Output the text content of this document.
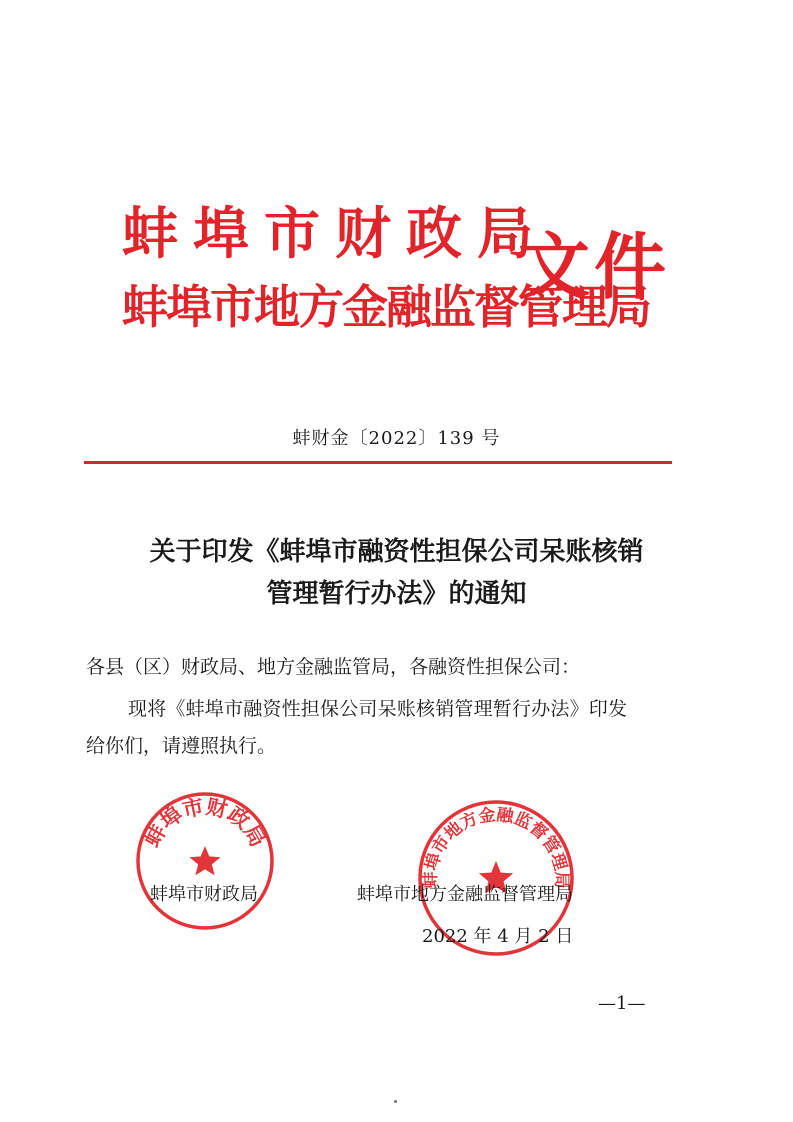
蚌埠市财政局
蚌埠市地方金融监督管理局
文件
蚌财金〔2022〕139 号
关于印发《蚌埠市融资性担保公司呆账核销
管理暂行办法》的通知
各县（区）财政局、地方金融监管局，各融资性担保公司：
现将《蚌埠市融资性担保公司呆账核销管理暂行办法》印发
给你们，请遵照执行。
蚌埠市财政局
蚌埠市地方金融监督管理局
蚌埠市财政局	蚌埠市地方金融监督管理局
2022 年 4 月 2 日
—1—
